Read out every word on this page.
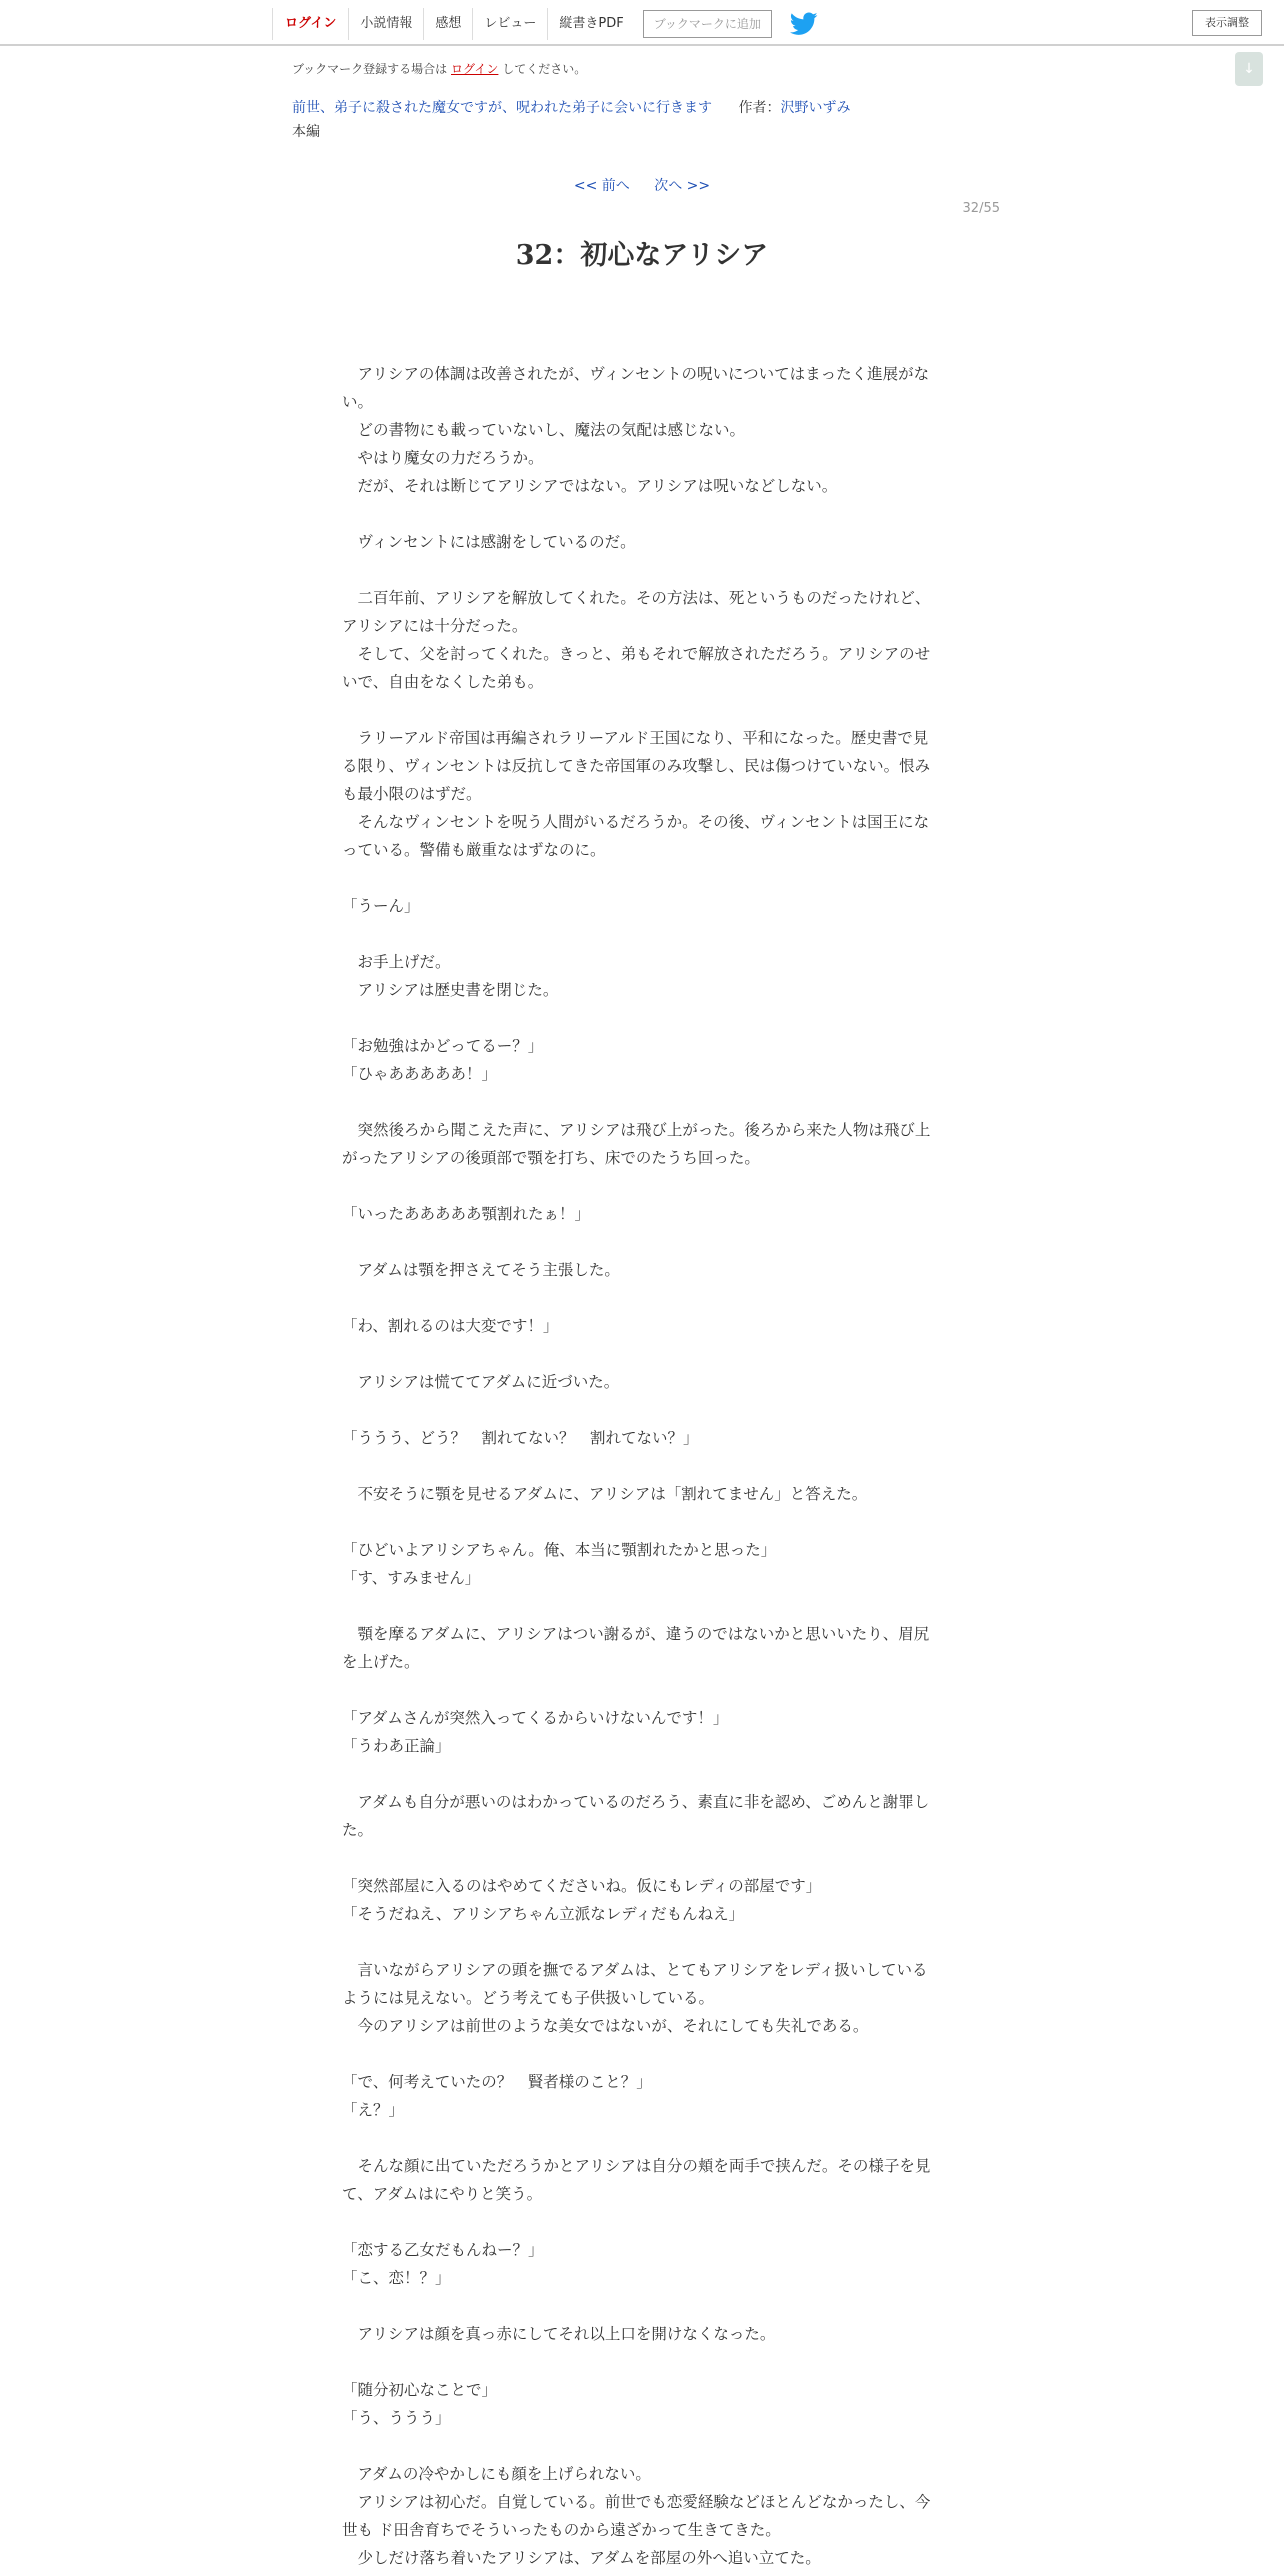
ログイン	小説情報	感想	レビュー	縦書きPDF	ブックマークに追加	表示調整
↓
ブックマーク登録する場合は ログイン してください。
前世、弟子に殺された魔女ですが、呪われた弟子に会いに行きます 作者：沢野いずみ
本編
<< 前へ 次へ >>
32/55
32：初心なアリシア

　アリシアの体調は改善されたが、ヴィンセントの呪いについてはまったく進展がない。

　どの書物にも載っていないし、魔法の気配は感じない。

　やはり魔女の力だろうか。

　だが、それは断じてアリシアではない。アリシアは呪いなどしない。

　ヴィンセントには感謝をしているのだ。

　二百年前、アリシアを解放してくれた。その方法は、死というものだったけれど、アリシアには十分だった。

　そして、父を討ってくれた。きっと、弟もそれで解放されただろう。アリシアのせいで、自由をなくした弟も。

　ラリーアルド帝国は再編されラリーアルド王国になり、平和になった。歴史書で見る限り、ヴィンセントは反抗してきた帝国軍のみ攻撃し、民は傷つけていない。恨みも最小限のはずだ。

　そんなヴィンセントを呪う人間がいるだろうか。その後、ヴィンセントは国王になっている。警備も厳重なはずなのに。

「うーん」

　お手上げだ。

　アリシアは歴史書を閉じた。

「お勉強はかどってるー？」

「ひゃあああああ！」

　突然後ろから聞こえた声に、アリシアは飛び上がった。後ろから来た人物は飛び上がったアリシアの後頭部で顎を打ち、床でのたうち回った。

「いったあああああ顎割れたぁ！」

　アダムは顎を押さえてそう主張した。

「わ、割れるのは大変です！」

　アリシアは慌ててアダムに近づいた。

「ううう、どう？　割れてない？　割れてない？」

　不安そうに顎を見せるアダムに、アリシアは「割れてません」と答えた。

「ひどいよアリシアちゃん。俺、本当に顎割れたかと思った」

「す、すみません」

　顎を摩るアダムに、アリシアはつい謝るが、違うのではないかと思いいたり、眉尻を上げた。

「アダムさんが突然入ってくるからいけないんです！」

「うわあ正論」

　アダムも自分が悪いのはわかっているのだろう、素直に非を認め、ごめんと謝罪した。

「突然部屋に入るのはやめてくださいね。仮にもレディの部屋です」

「そうだねえ、アリシアちゃん立派なレディだもんねえ」

　言いながらアリシアの頭を撫でるアダムは、とてもアリシアをレディ扱いしているようには見えない。どう考えても子供扱いしている。

　今のアリシアは前世のような美女ではないが、それにしても失礼である。

「で、何考えていたの？　賢者様のこと？」

「え？」

　そんな顔に出ていただろうかとアリシアは自分の頬を両手で挟んだ。その様子を見て、アダムはにやりと笑う。

「恋する乙女だもんねー？」

「こ、恋！？」

　アリシアは顔を真っ赤にしてそれ以上口を開けなくなった。

「随分初心なことで」

「う、ううう」

　アダムの冷やかしにも顔を上げられない。

　アリシアは初心だ。自覚している。前世でも恋愛経験などほとんどなかったし、今世も ド田舎育ちでそういったものから遠ざかって生きてきた。

　少しだけ落ち着いたアリシアは、アダムを部屋の外へ追い立てた。
